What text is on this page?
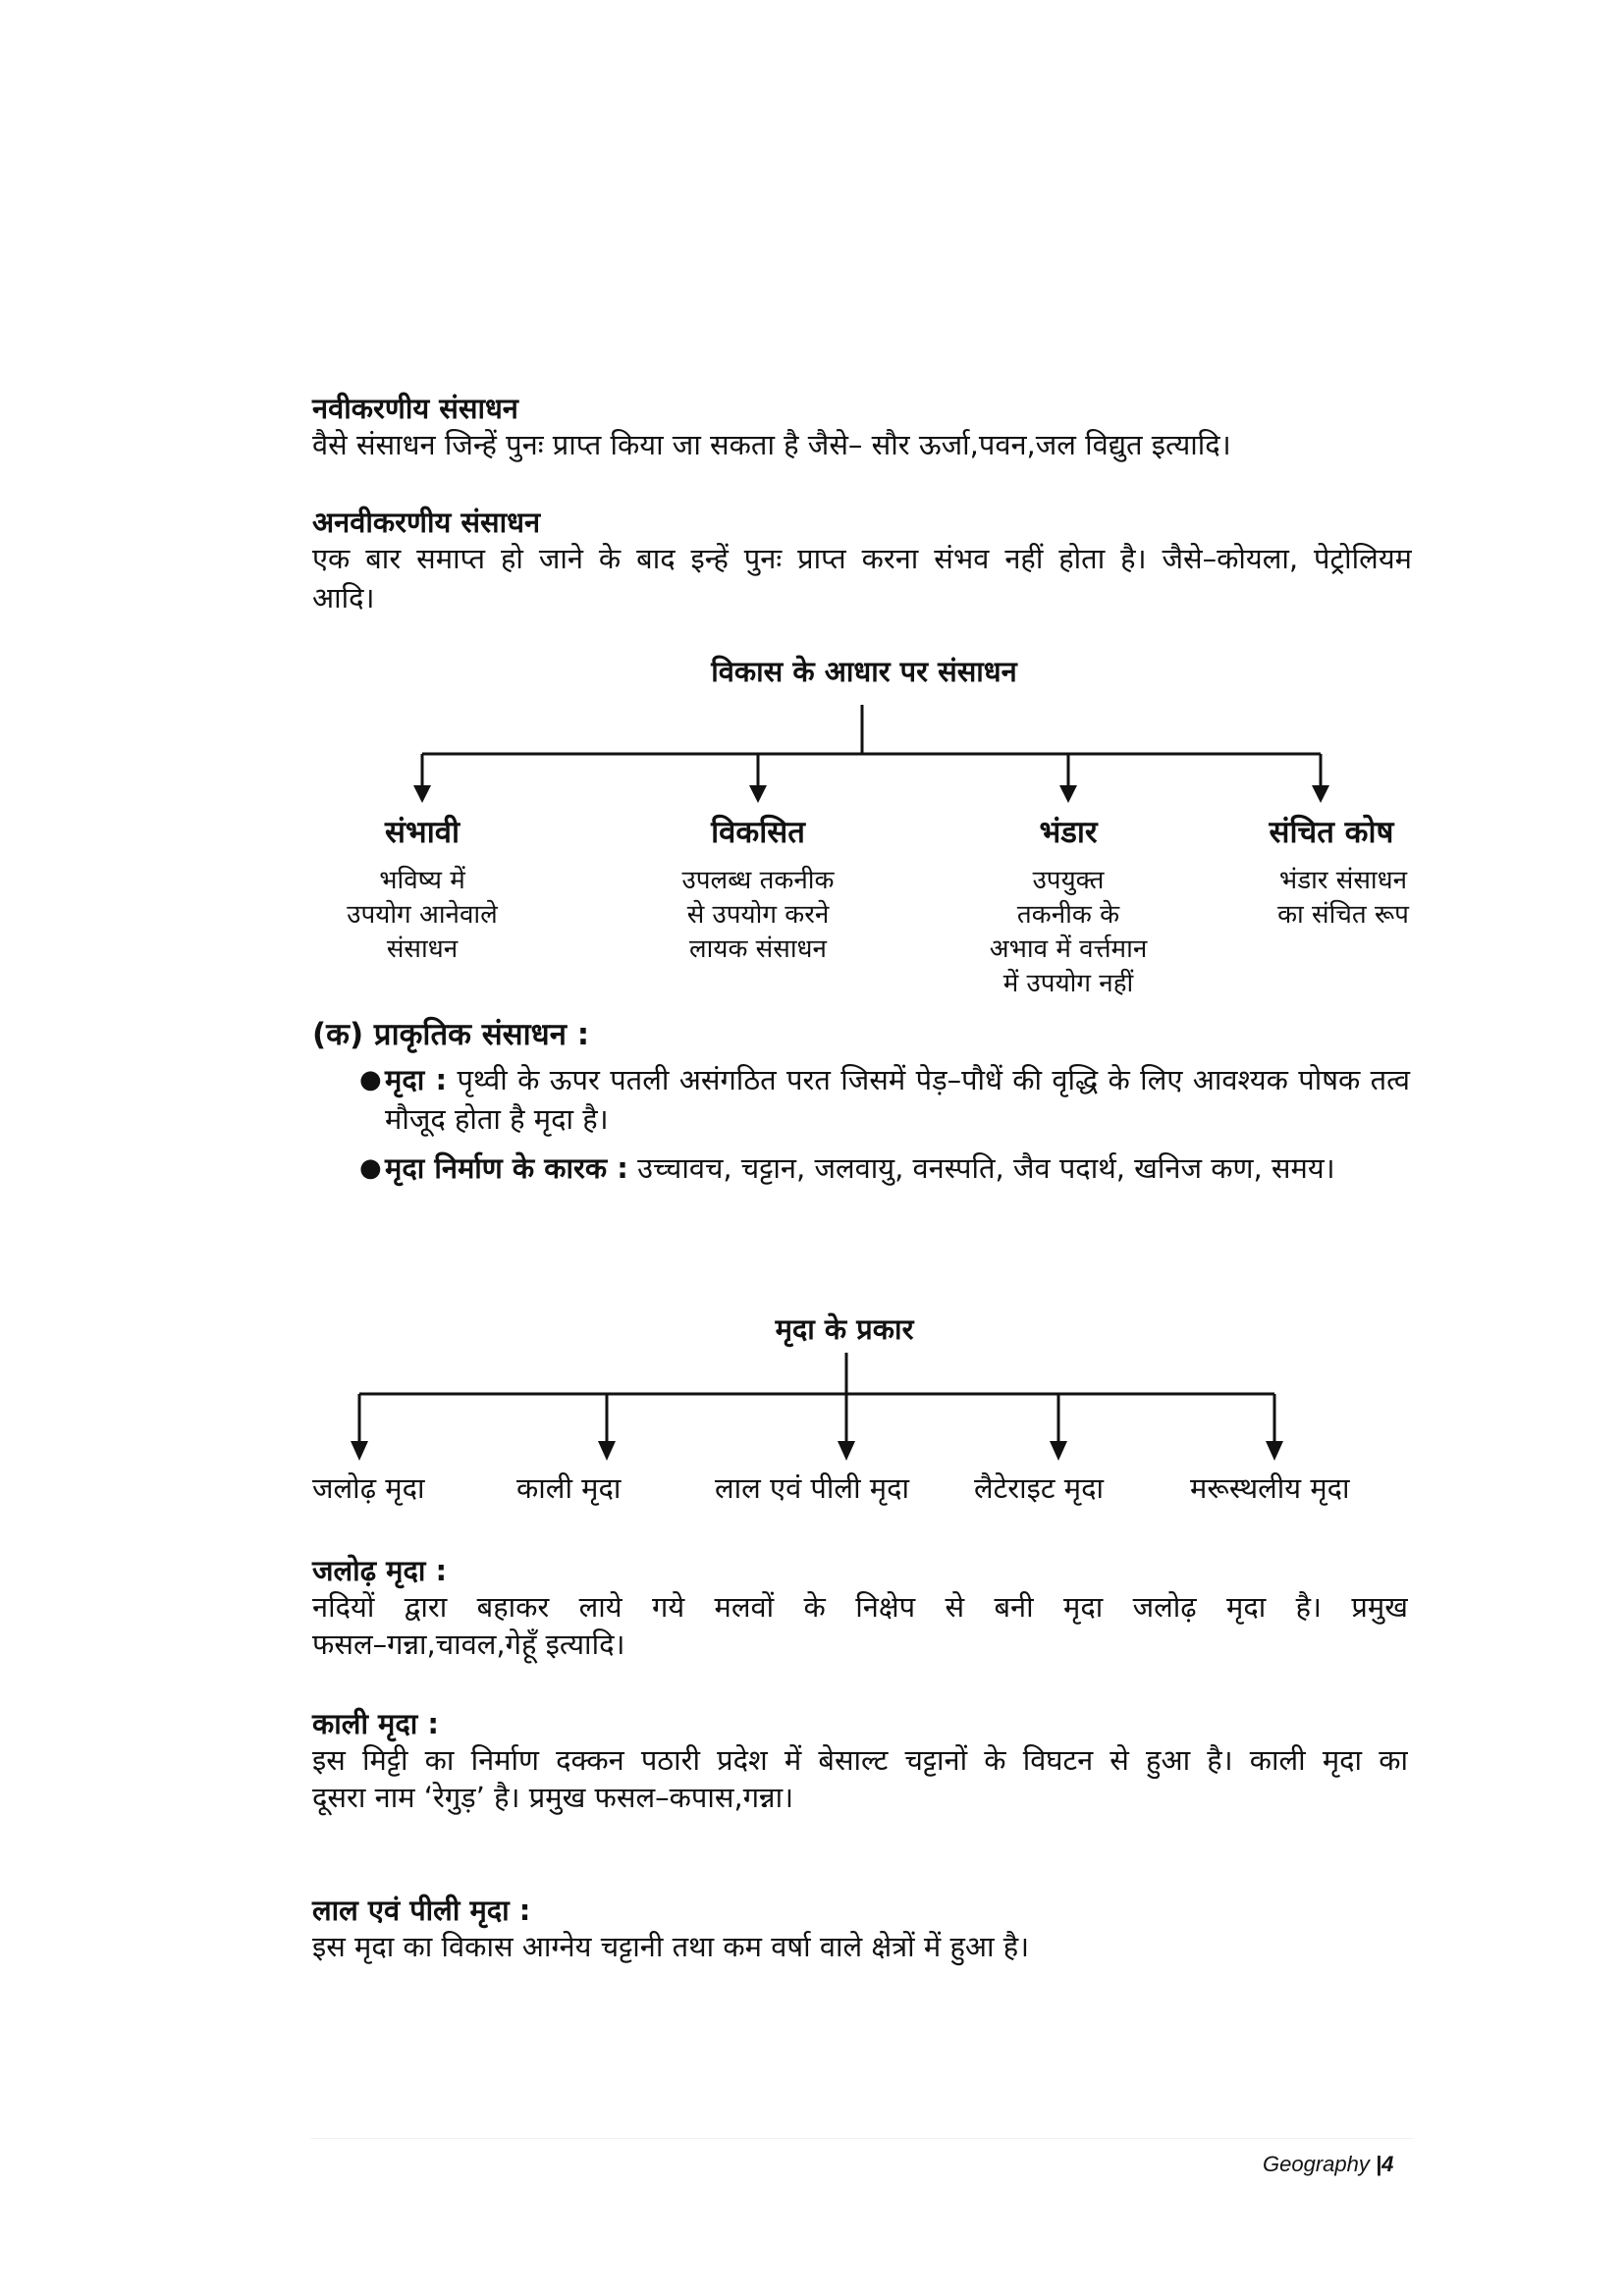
नवीकरणीय संसाधन
वैसे संसाधन जिन्हें पुनः प्राप्त किया जा सकता है जैसे– सौर ऊर्जा,पवन,जल विद्युत इत्यादि।
अनवीकरणीय संसाधन
एक बार समाप्त हो जाने के बाद इन्हें पुनः प्राप्त करना संभव नहीं होता है। जैसे–कोयला, पेट्रोलियम
आदि।
विकास के आधार पर संसाधन
संभावी	विकसित	भंडार	संचित कोष
भविष्य में
उपयोग आनेवाले
संसाधन
उपलब्ध तकनीक
से उपयोग करने
लायक संसाधन
उपयुक्त
तकनीक के
अभाव में वर्त्तमान
में उपयोग नहीं
भंडार संसाधन
का संचित रूप
(क) प्राकृतिक संसाधन :
● मृदा : पृथ्वी के ऊपर पतली असंगठित परत जिसमें पेड़–पौधें की वृद्धि के लिए आवश्यक पोषक तत्व मौजूद होता है मृदा है।
● मृदा निर्माण के कारक : उच्चावच, चट्टान, जलवायु, वनस्पति, जैव पदार्थ, खनिज कण, समय।
मृदा के प्रकार
जलोढ़ मृदा	काली मृदा	लाल एवं पीली मृदा लैटेराइट मृदा	मरूस्थलीय मृदा
जलोढ़ मृदा :
नदियों द्वारा बहाकर लाये गये मलवों के निक्षेप से बनी मृदा जलोढ़ मृदा है। प्रमुख
फसल–गन्ना,चावल,गेहूँ इत्यादि।
काली मृदा :
इस मिट्टी का निर्माण दक्कन पठारी प्रदेश में बेसाल्ट चट्टानों के विघटन से हुआ है। काली मृदा का
दूसरा नाम ‘रेगुड़’ है। प्रमुख फसल–कपास,गन्ना।
लाल एवं पीली मृदा :
इस मृदा का विकास आग्नेय चट्टानी तथा कम वर्षा वाले क्षेत्रों में हुआ है।
Geography |4
